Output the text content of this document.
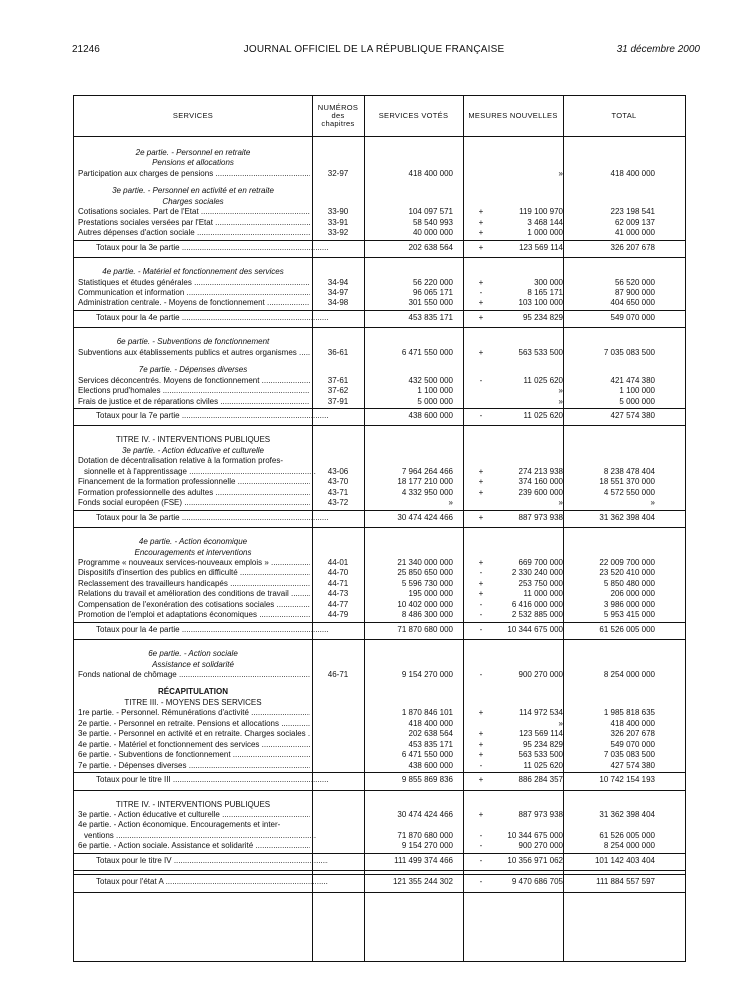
21246	JOURNAL OFFICIEL DE LA RÉPUBLIQUE FRANÇAISE	31 décembre 2000
SERVICES
NUMÉROS
des
chapitres
SERVICES VOTÉS	MESURES NOUVELLES	TOTAL
2e partie. - Personnel en retraite
Pensions et allocations
Participation aux charges de pensions .....	32-97	418 400 000	»	418 400 000
3e partie. - Personnel en activité et en retraite
Charges sociales
Cotisations sociales. Part de l'Etat .....	33-90	104 097 571	+	119 100 970	223 198 541
Prestations sociales versées par l'Etat .....	33-91	58 540 993	+	3 468 144	62 009 137
Autres dépenses d'action sociale .....	33-92	40 000 000	+	1 000 000	41 000 000
Totaux pour la 3e partie .....	202 638 564	+	123 569 114	326 207 678
4e partie. - Matériel et fonctionnement des services
Statistiques et études générales .....	34-94	56 220 000	+	300 000	56 520 000
Communication et information .....	34-97	96 065 171	-	8 165 171	87 900 000
Administration centrale. - Moyens de fonctionnement .....	34-98	301 550 000	+	103 100 000	404 650 000
Totaux pour la 4e partie .....	453 835 171	+	95 234 829	549 070 000
6e partie. - Subventions de fonctionnement
Subventions aux établissements publics et autres organismes .....	36-61	6 471 550 000	+	563 533 500	7 035 083 500
7e partie. - Dépenses diverses
Services déconcentrés. Moyens de fonctionnement .....	37-61	432 500 000	-	11 025 620	421 474 380
Elections prud'homales .....	37-62	1 100 000	»	1 100 000
Frais de justice et de réparations civiles .....	37-91	5 000 000	»	5 000 000
Totaux pour la 7e partie .....	438 600 000	-	11 025 620	427 574 380
TITRE IV. - INTERVENTIONS PUBLIQUES
3e partie. - Action éducative et culturelle
Dotation de décentralisation relative à la formation profes-
sionnelle et à l'apprentissage .....	43-06	7 964 264 466	+	274 213 938	8 238 478 404
Financement de la formation professionnelle .....	43-70	18 177 210 000	+	374 160 000	18 551 370 000
Formation professionnelle des adultes .....	43-71	4 332 950 000	+	239 600 000	4 572 550 000
Fonds social européen (FSE) .....	43-72	»	»	»
Totaux pour la 3e partie .....	30 474 424 466	+	887 973 938	31 362 398 404
4e partie. - Action économique
Encouragements et interventions
Programme « nouveaux services-nouveaux emplois » .....	44-01	21 340 000 000	+	669 700 000	22 009 700 000
Dispositifs d'insertion des publics en difficulté .....	44-70	25 850 650 000	-	2 330 240 000	23 520 410 000
Reclassement des travailleurs handicapés .....	44-71	5 596 730 000	+	253 750 000	5 850 480 000
Relations du travail et amélioration des conditions de travail .....	44-73	195 000 000	+	11 000 000	206 000 000
Compensation de l'exonération des cotisations sociales .....	44-77	10 402 000 000	-	6 416 000 000	3 986 000 000
Promotion de l'emploi et adaptations économiques .....	44-79	8 486 300 000	-	2 532 885 000	5 953 415 000
Totaux pour la 4e partie .....	71 870 680 000	-	10 344 675 000	61 526 005 000
6e partie. - Action sociale
Assistance et solidarité
Fonds national de chômage .....	46-71	9 154 270 000	-	900 270 000	8 254 000 000
RÉCAPITULATION
TITRE III. - MOYENS DES SERVICES
1re partie. - Personnel. Rémunérations d'activité .....	1 870 846 101	+	114 972 534	1 985 818 635
2e partie. - Personnel en retraite. Pensions et allocations .....	418 400 000	»	418 400 000
3e partie. - Personnel en activité et en retraite. Charges sociales .....	202 638 564	+	123 569 114	326 207 678
4e partie. - Matériel et fonctionnement des services .....	453 835 171	+	95 234 829	549 070 000
6e partie. - Subventions de fonctionnement .....	6 471 550 000	+	563 533 500	7 035 083 500
7e partie. - Dépenses diverses .....	438 600 000	-	11 025 620	427 574 380
Totaux pour le titre III .....	9 855 869 836	+	886 284 357	10 742 154 193
TITRE IV. - INTERVENTIONS PUBLIQUES
3e partie. - Action éducative et culturelle .....	30 474 424 466	+	887 973 938	31 362 398 404
4e partie. - Action économique. Encouragements et inter-
ventions .....	71 870 680 000	-	10 344 675 000	61 526 005 000
6e partie. - Action sociale. Assistance et solidarité .....	9 154 270 000	-	900 270 000	8 254 000 000
Totaux pour le titre IV .....	111 499 374 466	-	10 356 971 062	101 142 403 404
Totaux pour l'état A .....	121 355 244 302	-	9 470 686 705	111 884 557 597
